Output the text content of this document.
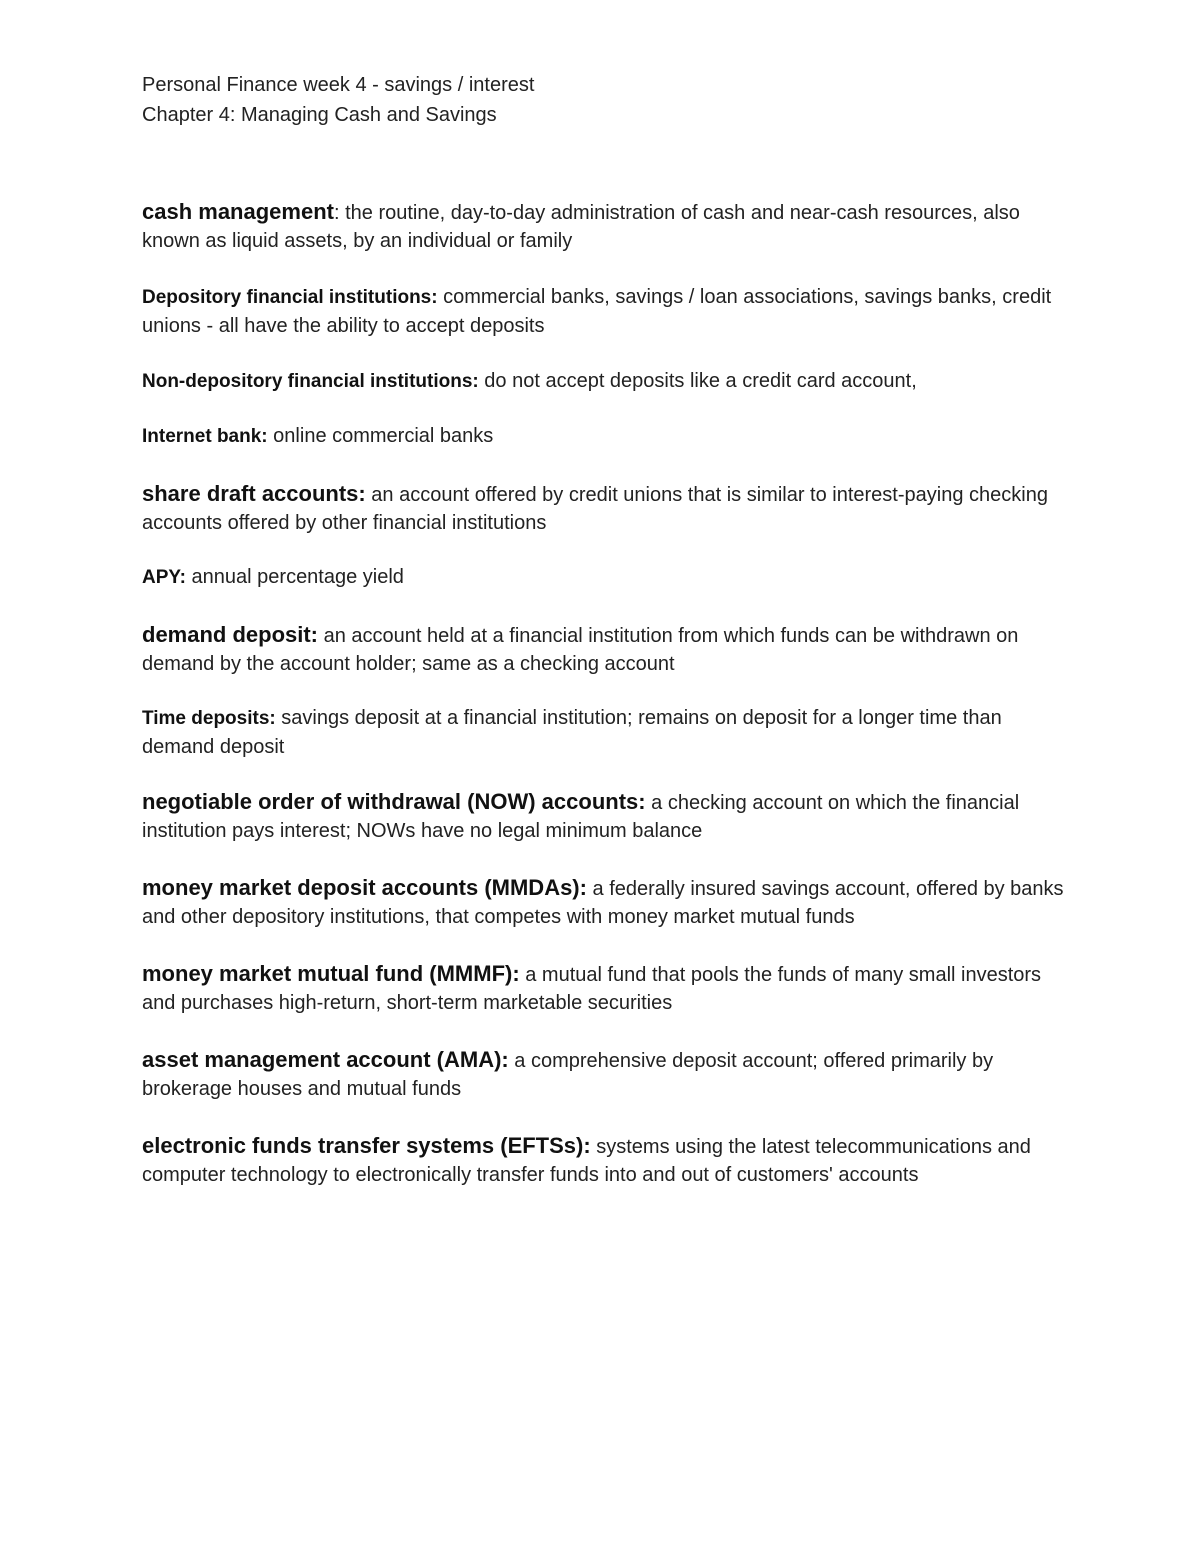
Personal Finance week 4 - savings / interest
Chapter 4: Managing Cash and Savings

cash management: the routine, day-to-day administration of cash and near-cash resources, also known as liquid assets, by an individual or family

Depository financial institutions: commercial banks, savings / loan associations, savings banks, credit unions - all have the ability to accept deposits

Non-depository financial institutions: do not accept deposits like a credit card account,

Internet bank: online commercial banks

share draft accounts: an account offered by credit unions that is similar to interest-paying checking accounts offered by other financial institutions

APY: annual percentage yield

demand deposit: an account held at a financial institution from which funds can be withdrawn on demand by the account holder; same as a checking account

Time deposits: savings deposit at a financial institution; remains on deposit for a longer time than demand deposit

negotiable order of withdrawal (NOW) accounts: a checking account on which the financial institution pays interest; NOWs have no legal minimum balance

money market deposit accounts (MMDAs): a federally insured savings account, offered by banks and other depository institutions, that competes with money market mutual funds

money market mutual fund (MMMF): a mutual fund that pools the funds of many small investors and purchases high-return, short-term marketable securities

asset management account (AMA): a comprehensive deposit account; offered primarily by brokerage houses and mutual funds

electronic funds transfer systems (EFTSs): systems using the latest telecommunications and computer technology to electronically transfer funds into and out of customers' accounts
